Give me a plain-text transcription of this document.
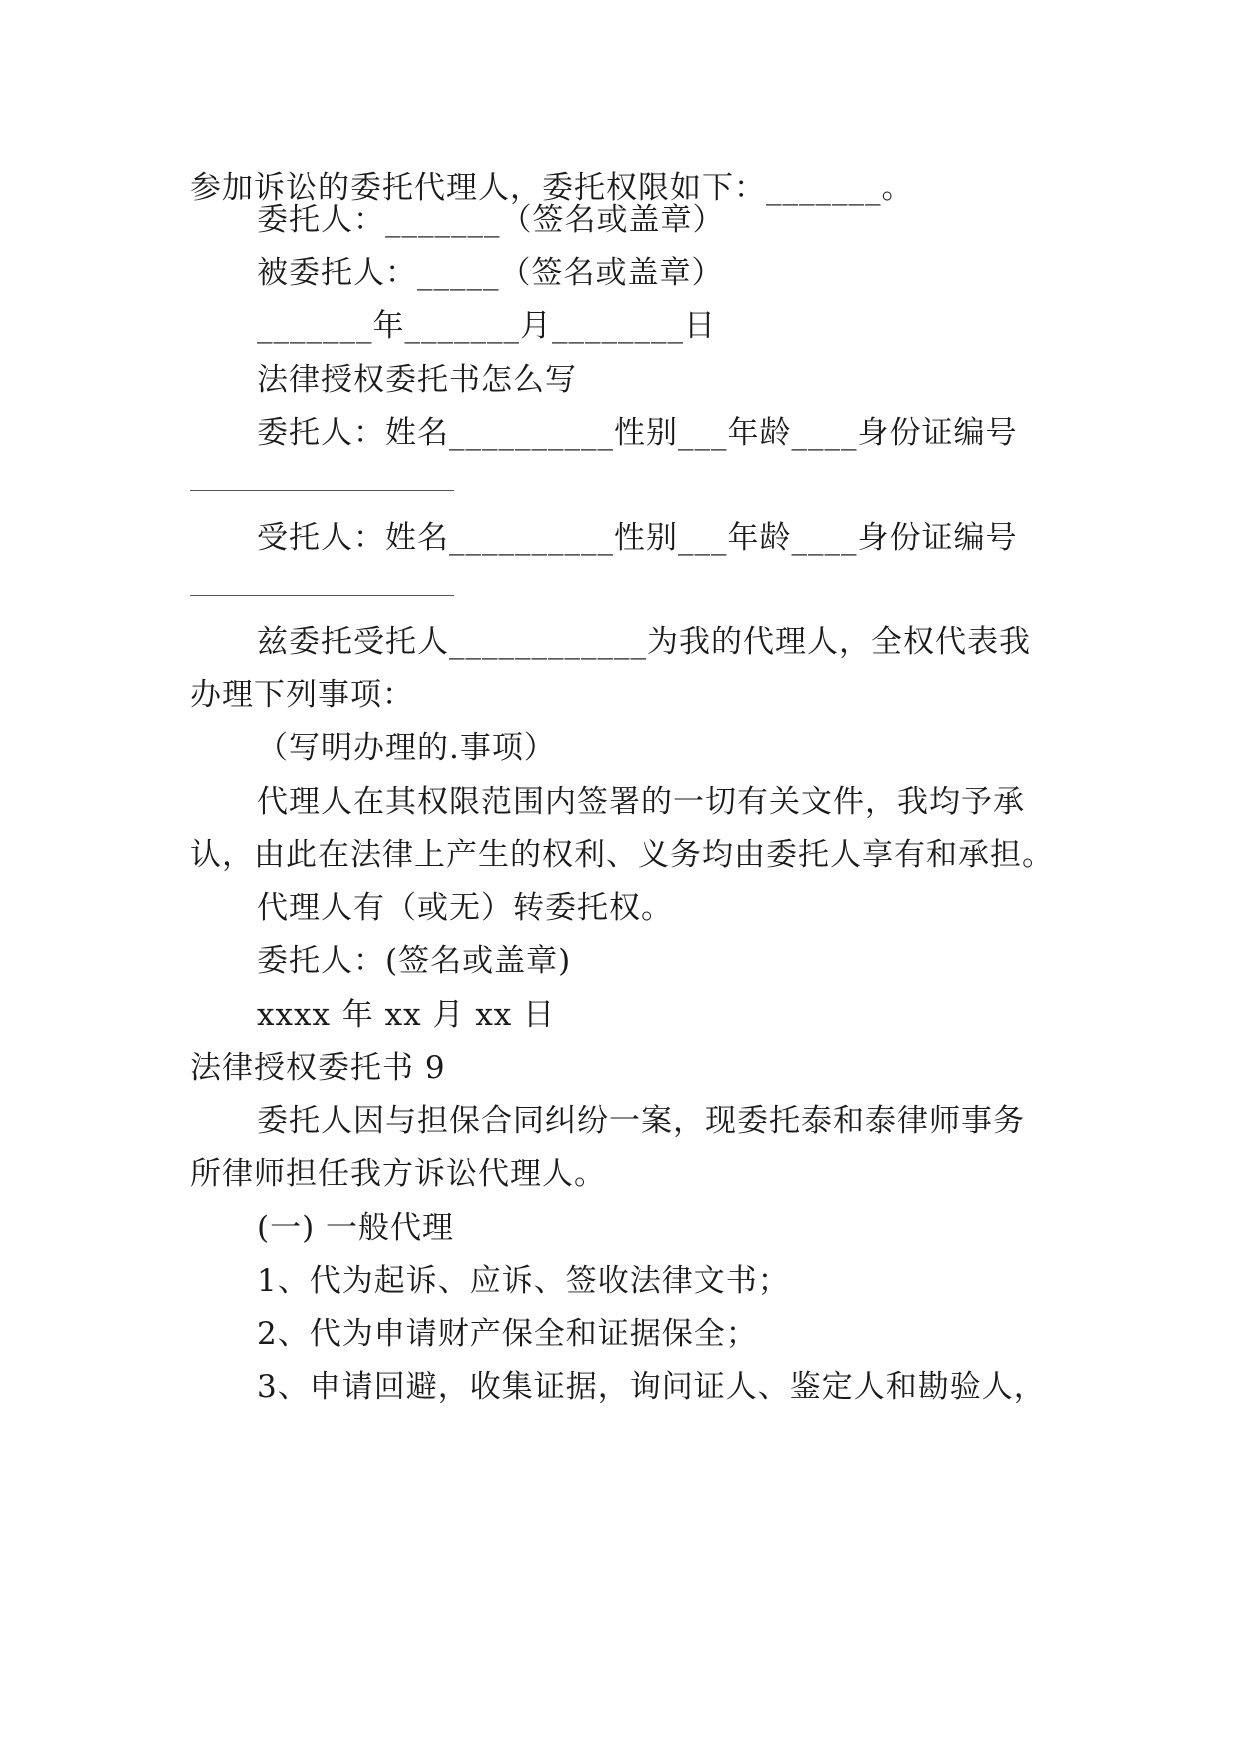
参加诉讼的委托代理人，委托权限如下：_______。
委托人：_______（签名或盖章）
被委托人：_____（签名或盖章）
_______年_______月________日
法律授权委托书怎么写
委托人：姓名__________性别___年龄____身份证编号
受托人：姓名__________性别___年龄____身份证编号
兹委托受托人____________为我的代理人，全权代表我
办理下列事项：
（写明办理的.事项）
代理人在其权限范围内签署的一切有关文件，我均予承
认，由此在法律上产生的权利、义务均由委托人享有和承担。
代理人有（或无）转委托权。
委托人：(签名或盖章)
xxxx 年 xx 月 xx 日
法律授权委托书 9
委托人因与担保合同纠纷一案，现委托泰和泰律师事务
所律师担任我方诉讼代理人。
(一) 一般代理
1、代为起诉、应诉、签收法律文书；
2、代为申请财产保全和证据保全；
3、申请回避，收集证据，询问证人、鉴定人和勘验人，
